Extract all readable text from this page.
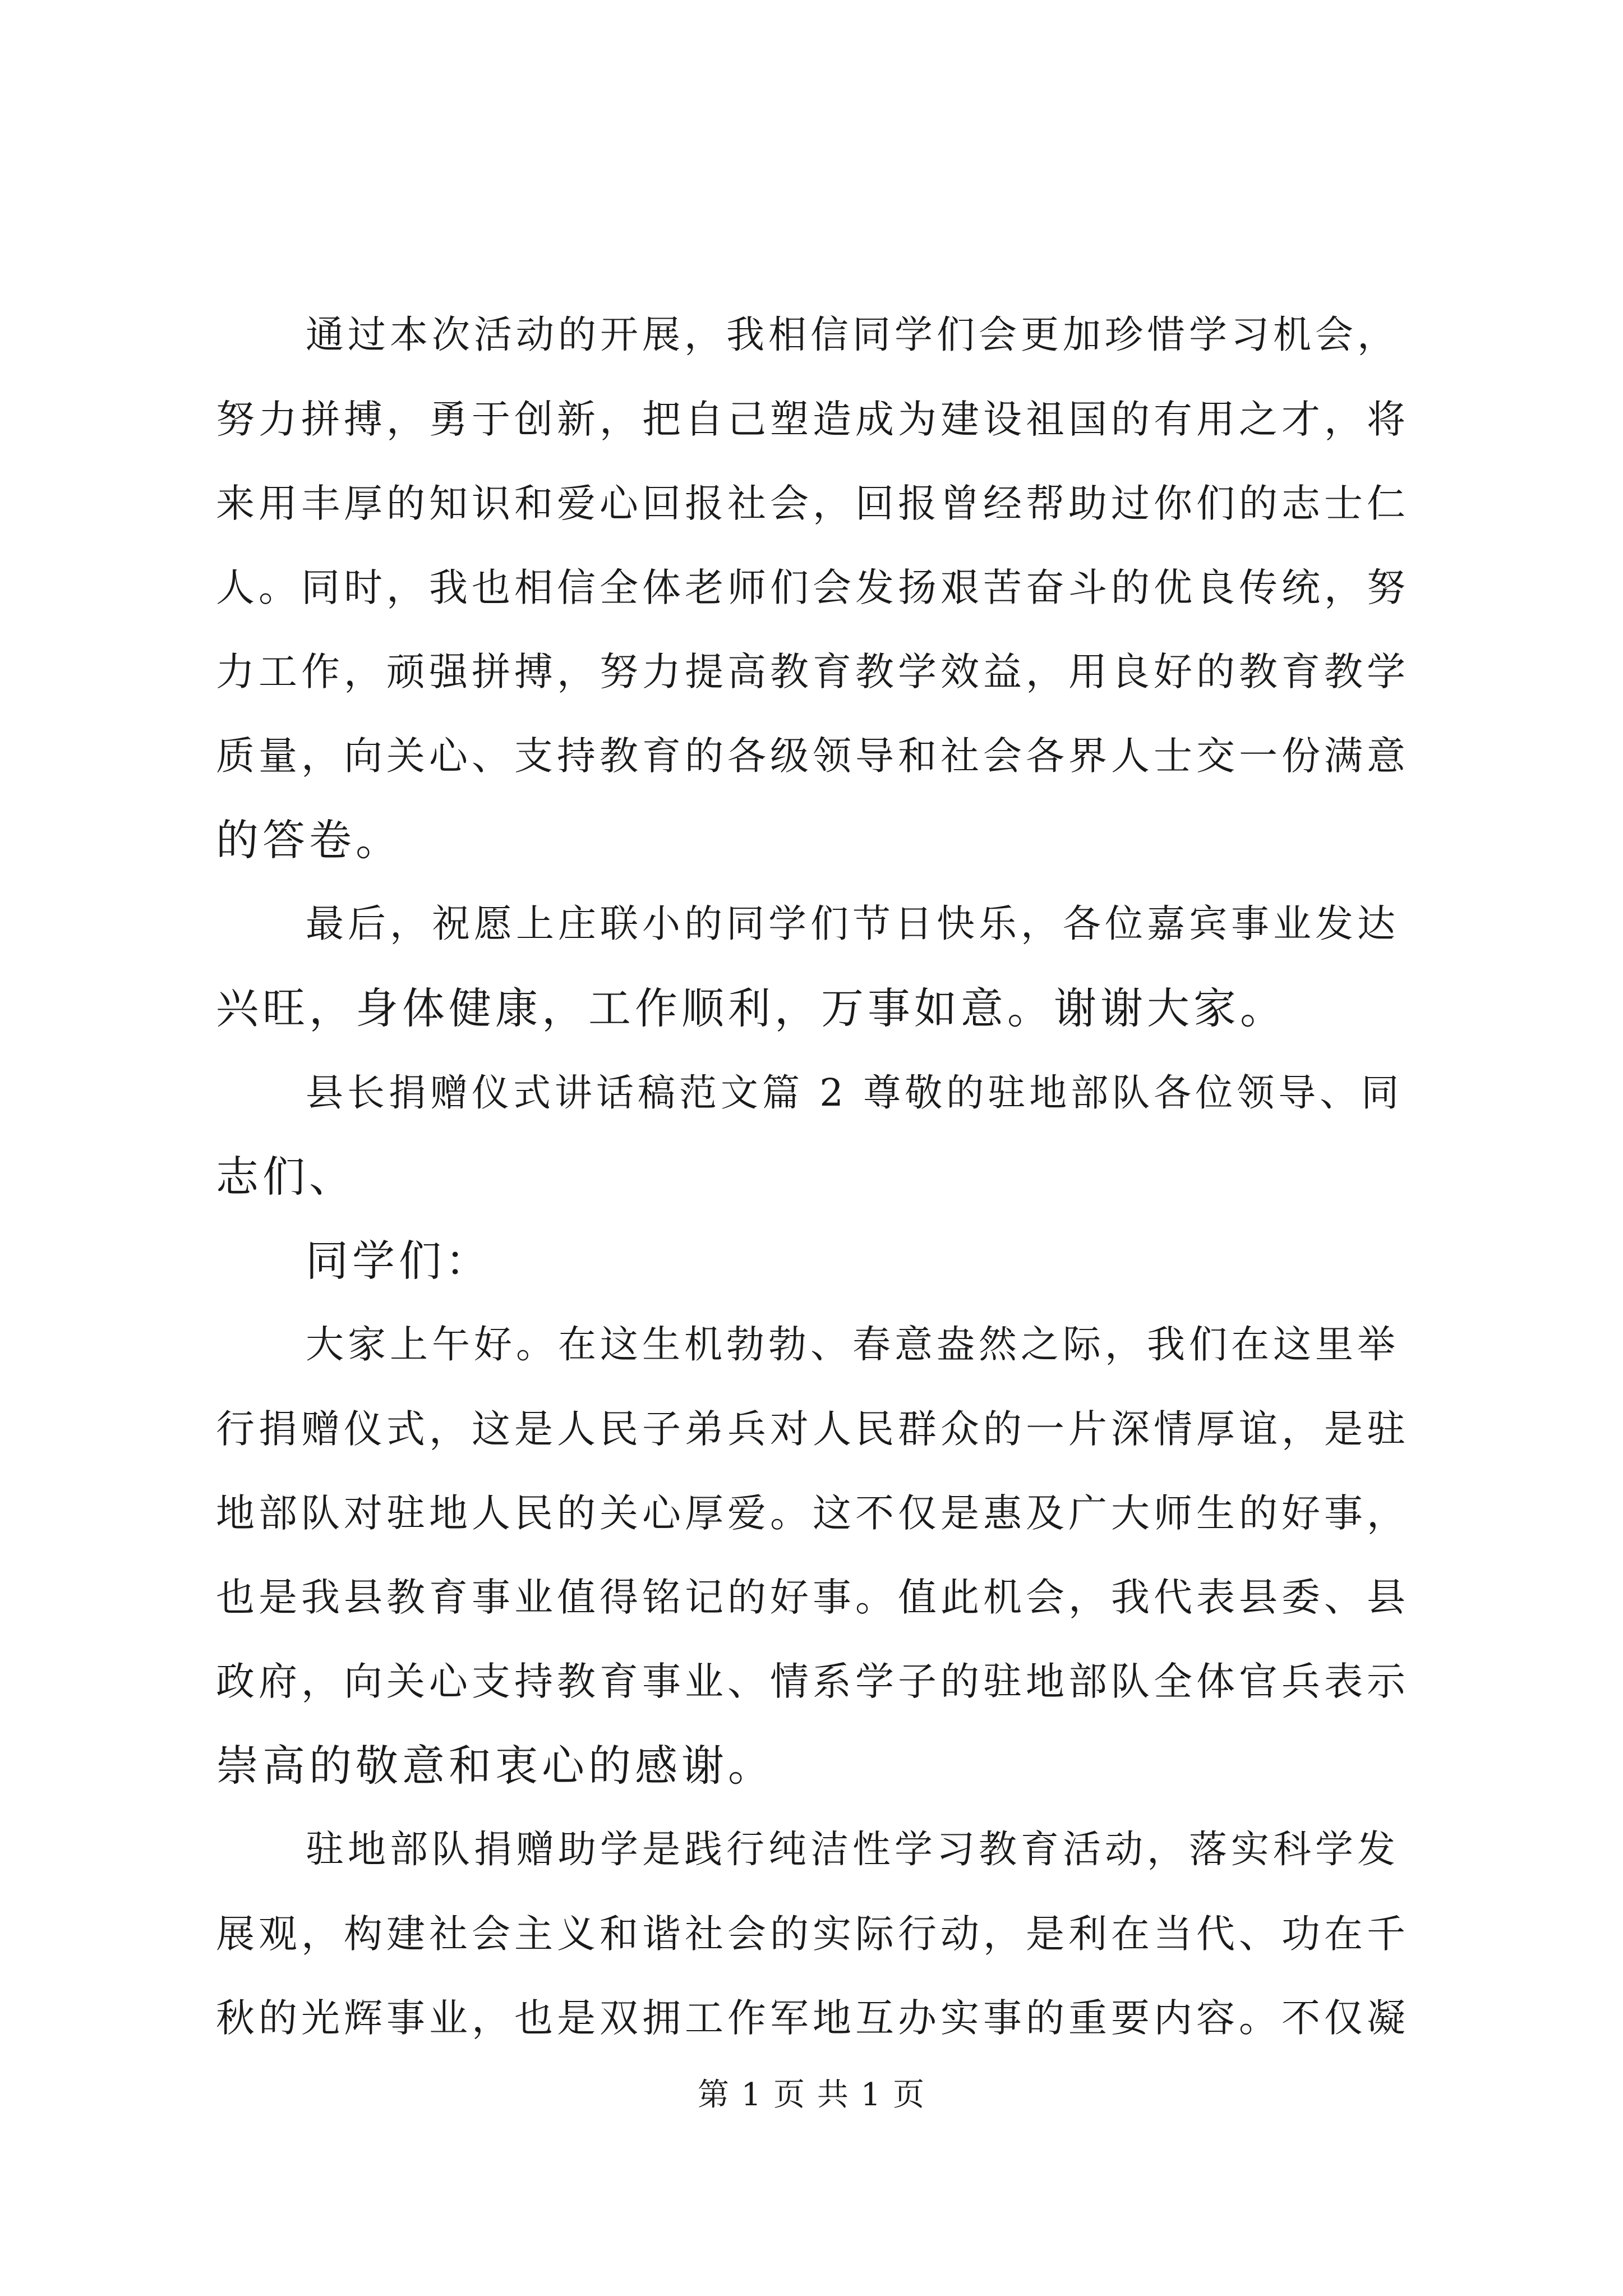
通过本次活动的开展，我相信同学们会更加珍惜学习机会，
努力拼搏，勇于创新，把自己塑造成为建设祖国的有用之才，将
来用丰厚的知识和爱心回报社会，回报曾经帮助过你们的志士仁
人。同时，我也相信全体老师们会发扬艰苦奋斗的优良传统，努
力工作，顽强拼搏，努力提高教育教学效益，用良好的教育教学
质量，向关心、支持教育的各级领导和社会各界人士交一份满意
的答卷。
最后，祝愿上庄联小的同学们节日快乐，各位嘉宾事业发达
兴旺，身体健康，工作顺利，万事如意。谢谢大家。
县长捐赠仪式讲话稿范文篇 2 尊敬的驻地部队各位领导、同
志们、
同学们：
大家上午好。在这生机勃勃、春意盎然之际，我们在这里举
行捐赠仪式，这是人民子弟兵对人民群众的一片深情厚谊，是驻
地部队对驻地人民的关心厚爱。这不仅是惠及广大师生的好事，
也是我县教育事业值得铭记的好事。值此机会，我代表县委、县
政府，向关心支持教育事业、情系学子的驻地部队全体官兵表示
崇高的敬意和衷心的感谢。
驻地部队捐赠助学是践行纯洁性学习教育活动，落实科学发
展观，构建社会主义和谐社会的实际行动，是利在当代、功在千
秋的光辉事业，也是双拥工作军地互办实事的重要内容。不仅凝
第 1 页 共 1 页
